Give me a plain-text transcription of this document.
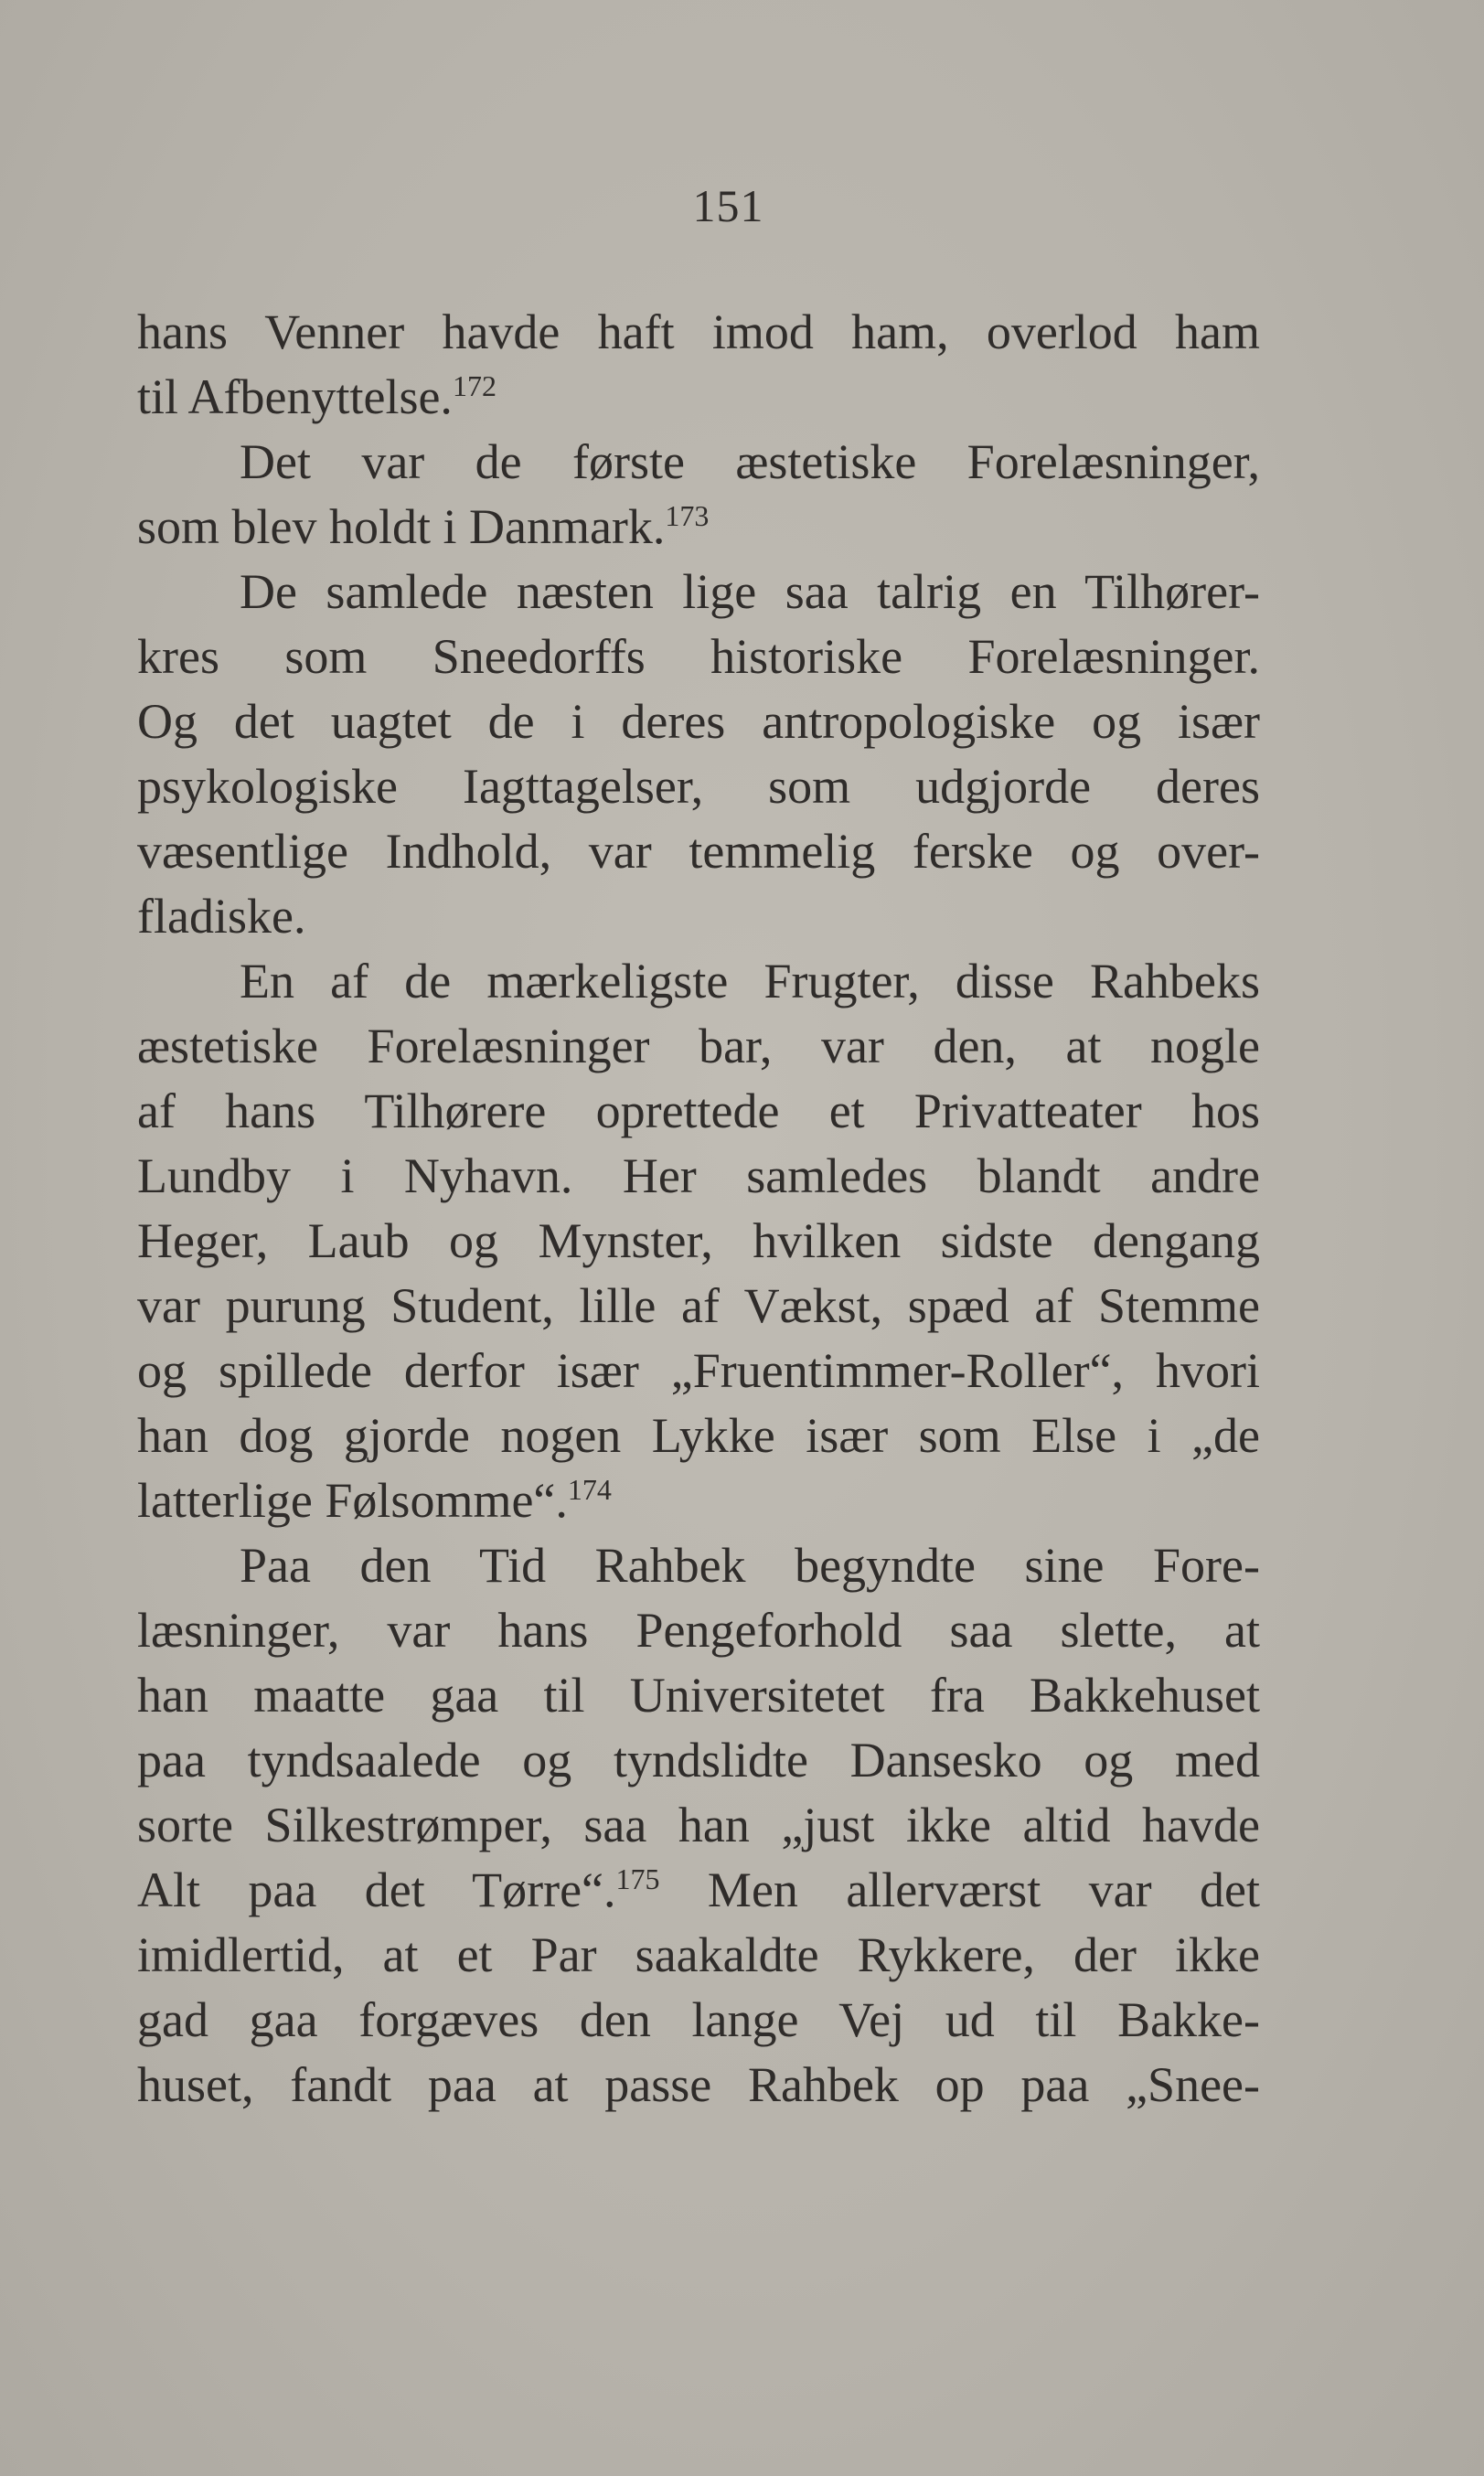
151
hans Venner havde haft imod ham, overlod ham
til Afbenyttelse.$^{172}$
Det var de første æstetiske Forelæsninger,
som blev holdt i Danmark.$^{173}$
De samlede næsten lige saa talrig en Tilhører-
kres som Sneedorffs historiske Forelæsninger.
Og det uagtet de i deres antropologiske og især
psykologiske Iagttagelser, som udgjorde deres
væsentlige Indhold, var temmelig ferske og over-
fladiske.
En af de mærkeligste Frugter, disse Rahbeks
æstetiske Forelæsninger bar, var den, at nogle
af hans Tilhørere oprettede et Privatteater hos
Lundby i Nyhavn. Her samledes blandt andre
Heger, Laub og Mynster, hvilken sidste dengang
var purung Student, lille af Vækst, spæd af Stemme
og spillede derfor især „Fruentimmer-Roller“, hvori
han dog gjorde nogen Lykke især som Else i „de
latterlige Følsomme“.$^{174}$
Paa den Tid Rahbek begyndte sine Fore-
læsninger, var hans Pengeforhold saa slette, at
han maatte gaa til Universitetet fra Bakkehuset
paa tyndsaalede og tyndslidte Dansesko og med
sorte Silkestrømper, saa han „just ikke altid havde
Alt paa det Tørre“.$^{175}$ Men allerværst var det
imidlertid, at et Par saakaldte Rykkere, der ikke
gad gaa forgæves den lange Vej ud til Bakke-
huset, fandt paa at passe Rahbek op paa „Snee-
